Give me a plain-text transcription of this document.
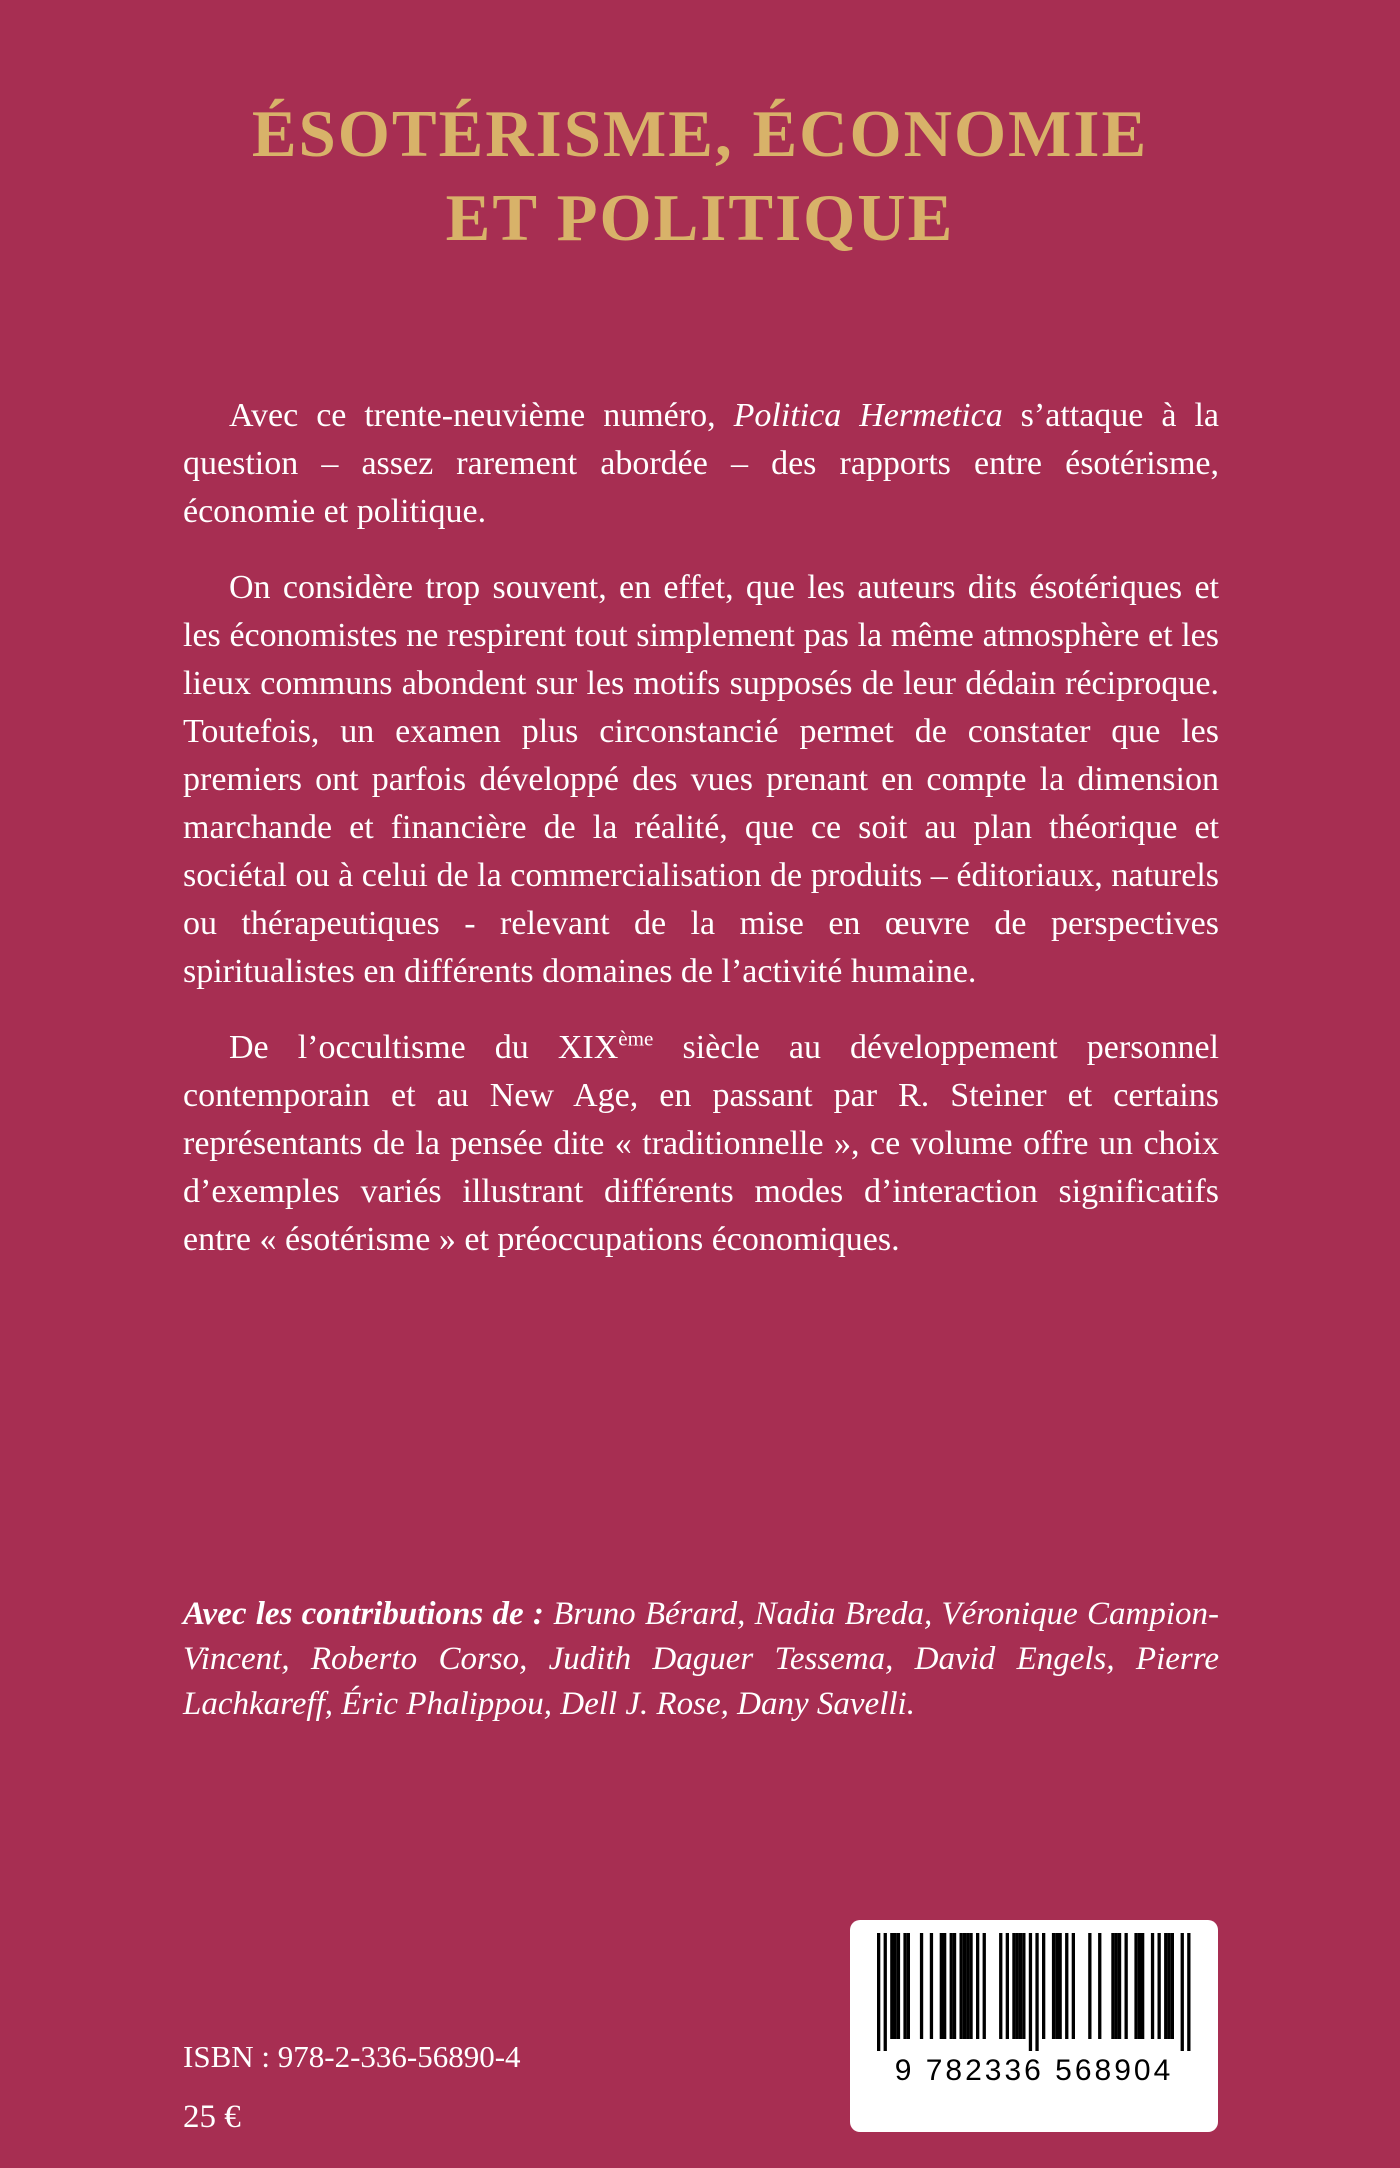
ÉSOTÉRISME, ÉCONOMIE
ET POLITIQUE

Avec ce trente-neuvième numéro, Politica Hermetica s’attaque à la question – assez rarement abordée – des rapports entre ésotérisme, économie et politique.

On considère trop souvent, en effet, que les auteurs dits ésotériques et les économistes ne respirent tout simplement pas la même atmosphère et les lieux communs abondent sur les motifs supposés de leur dédain réciproque. Toutefois, un examen plus circonstancié permet de constater que les premiers ont parfois développé des vues prenant en compte la dimension marchande et financière de la réalité, que ce soit au plan théorique et sociétal ou à celui de la commercialisation de produits – éditoriaux, naturels ou thérapeutiques - relevant de la mise en œuvre de perspectives spiritualistes en différents domaines de l’activité humaine.

De l’occultisme du XIXème siècle au développement personnel contemporain et au New Age, en passant par R. Steiner et certains représentants de la pensée dite « traditionnelle », ce volume offre un choix d’exemples variés illustrant différents modes d’interaction significatifs entre « ésotérisme » et préoccupations économiques.

Avec les contributions de : Bruno Bérard, Nadia Breda, Véronique Campion-Vincent, Roberto Corso, Judith Daguer Tessema, David Engels, Pierre Lachkareff, Éric Phalippou, Dell J. Rose, Dany Savelli.

ISBN : 978-2-336-56890-4
25 €
9 782336 568904
